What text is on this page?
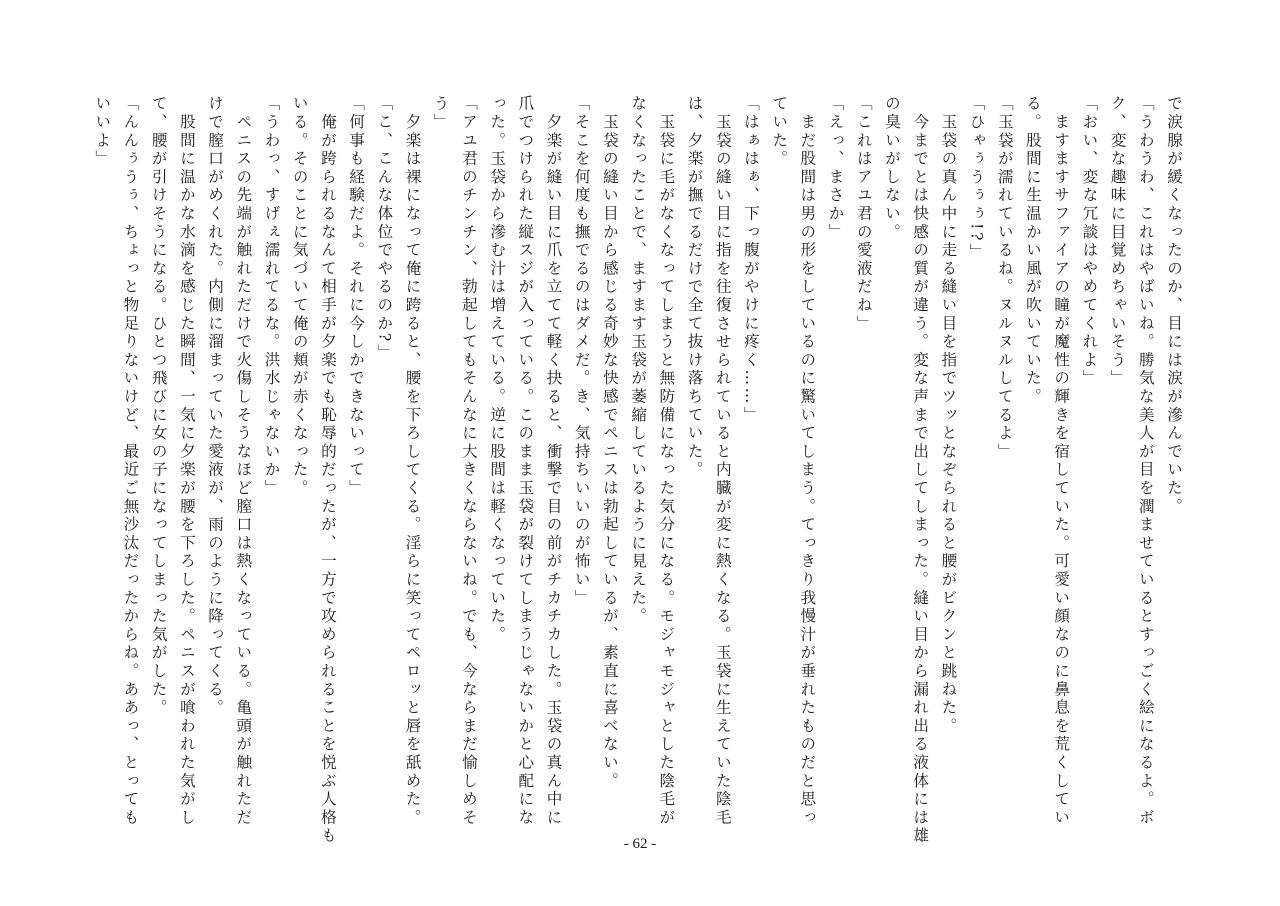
で涙腺が緩くなったのか、目には涙が滲んでいた。
「うわうわ、これはやばいね。勝気な美人が目を潤ませているとすっごく絵になるよ。ボ
ク、変な趣味に目覚めちゃいそう」
「おい、変な冗談はやめてくれよ」
　ますますサファイアの瞳が魔性の輝きを宿していた。可愛い顔なのに鼻息を荒くしてい
る。股間に生温かい風が吹いていた。
「玉袋が濡れているね。ヌルヌルしてるよ」
「ひゃぅうぅぅ!?」
　玉袋の真ん中に走る縫い目を指でツッとなぞられると腰がビクンと跳ねた。
　今までとは快感の質が違う。変な声まで出してしまった。縫い目から漏れ出る液体には雄
の臭いがしない。
「これはアユ君の愛液だね」
「えっ、まさか」
　まだ股間は男の形をしているのに驚いてしまう。てっきり我慢汁が垂れたものだと思っ
ていた。
「はぁはぁ、下っ腹がやけに疼く……」
　玉袋の縫い目に指を往復させられていると内臓が変に熱くなる。玉袋に生えていた陰毛
は、夕楽が撫でるだけで全て抜け落ちていた。
　玉袋に毛がなくなってしまうと無防備になった気分になる。モジャモジャとした陰毛が
なくなったことで、ますます玉袋が萎縮しているように見えた。
　玉袋の縫い目から感じる奇妙な快感でペニスは勃起しているが、素直に喜べない。
「そこを何度も撫でるのはダメだ。き、気持ちいいのが怖い」
　夕楽が縫い目に爪を立てて軽く抉ると、衝撃で目の前がチカチカした。玉袋の真ん中に
爪でつけられた縦スジが入っている。このまま玉袋が裂けてしまうじゃないかと心配にな
った。玉袋から滲む汁は増えている。逆に股間は軽くなっていた。
「アユ君のチンチン、勃起してもそんなに大きくならないね。でも、今ならまだ愉しめそ
う」
　夕楽は裸になって俺に跨ると、腰を下ろしてくる。淫らに笑ってペロッと唇を舐めた。
「こ、こんな体位でやるのか?」
「何事も経験だよ。それに今しかできないって」
　俺が跨られるなんて相手が夕楽でも恥辱的だったが、一方で攻められることを悦ぶ人格も
いる。そのことに気づいて俺の頬が赤くなった。
「うわっ、すげぇ濡れてるな。洪水じゃないか」
　ペニスの先端が触れただけで火傷しそうなほど膣口は熱くなっている。亀頭が触れただ
けで膣口がめくれた。内側に溜まっていた愛液が、雨のように降ってくる。
　股間に温かな水滴を感じた瞬間、一気に夕楽が腰を下ろした。ペニスが喰われた気がし
て、腰が引けそうになる。ひとつ飛びに女の子になってしまった気がした。
「んんぅうぅ、ちょっと物足りないけど、最近ご無沙汰だったからね。ああっ、とっても
いいよ」
- 62 -
